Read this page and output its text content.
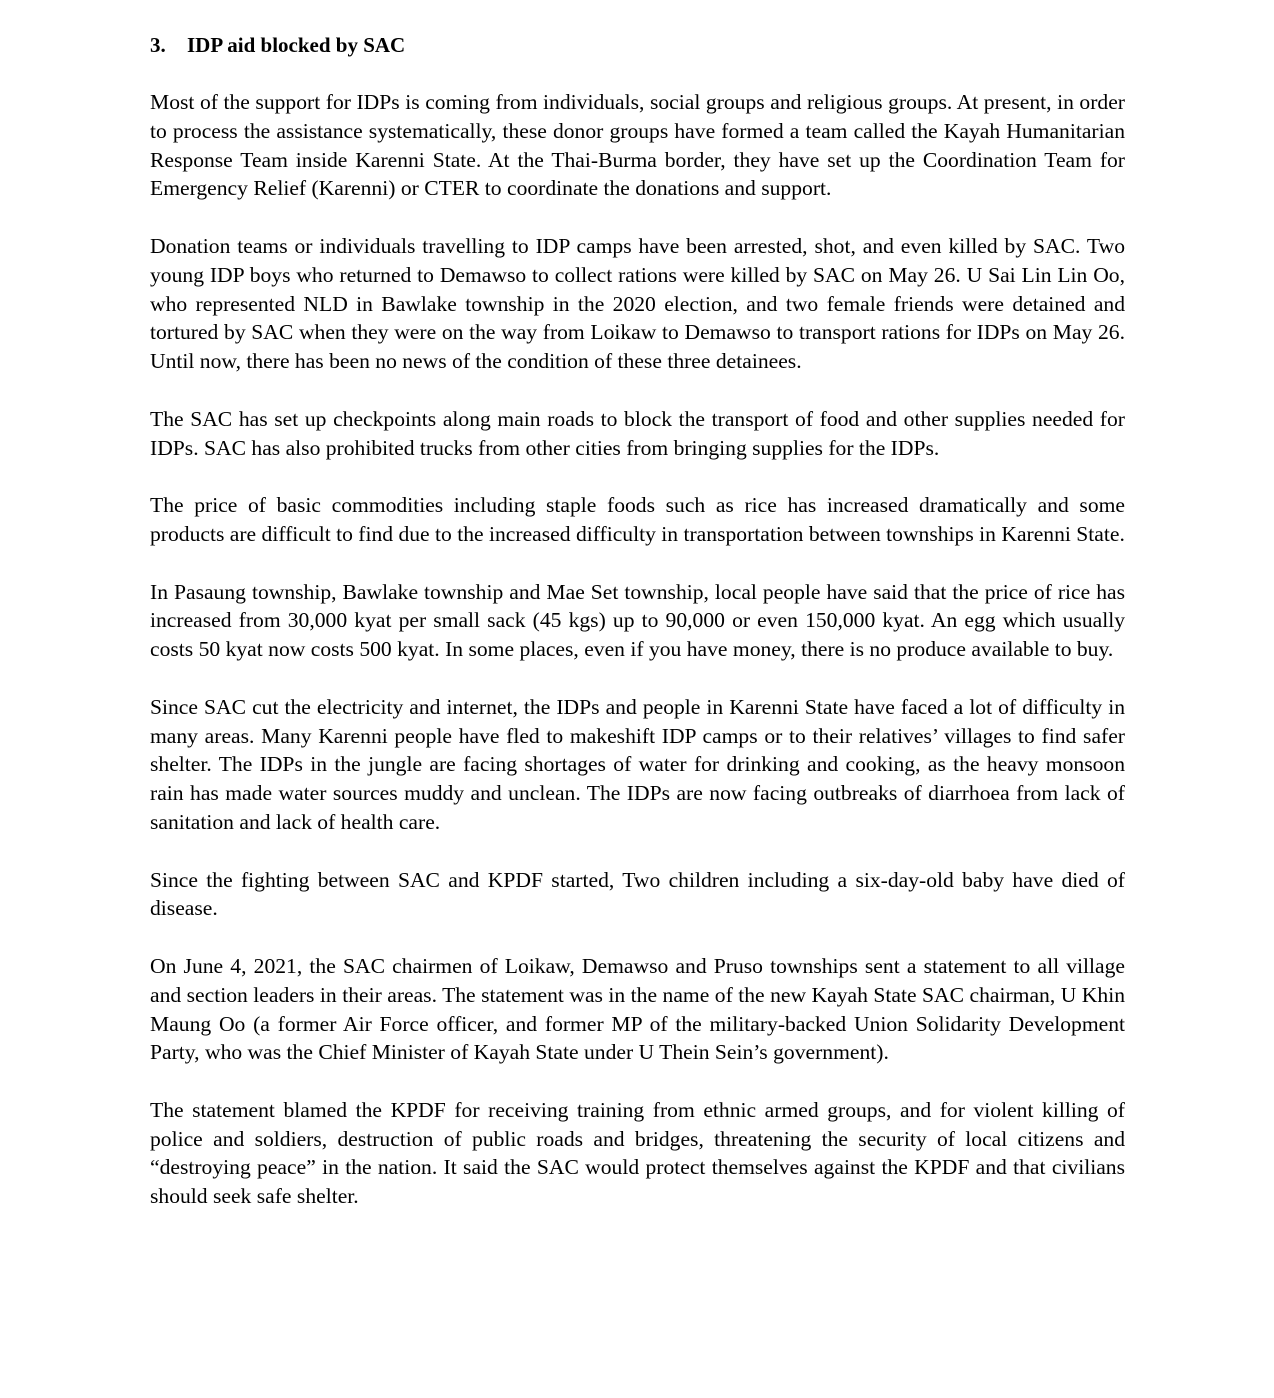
3. IDP aid blocked by SAC

Most of the support for IDPs is coming from individuals, social groups and religious groups. At present, in order to process the assistance systematically, these donor groups have formed a team called the Kayah Humanitarian Response Team inside Karenni State. At the Thai-Burma border, they have set up the Coordination Team for Emergency Relief (Karenni) or CTER to coordinate the donations and support.

Donation teams or individuals travelling to IDP camps have been arrested, shot, and even killed by SAC. Two young IDP boys who returned to Demawso to collect rations were killed by SAC on May 26. U Sai Lin Lin Oo, who represented NLD in Bawlake township in the 2020 election, and two female friends were detained and tortured by SAC when they were on the way from Loikaw to Demawso to transport rations for IDPs on May 26. Until now, there has been no news of the condition of these three detainees.

The SAC has set up checkpoints along main roads to block the transport of food and other supplies needed for IDPs. SAC has also prohibited trucks from other cities from bringing supplies for the IDPs.

The price of basic commodities including staple foods such as rice has increased dramatically and some products are difficult to find due to the increased difficulty in transportation between townships in Karenni State.

In Pasaung township, Bawlake township and Mae Set township, local people have said that the price of rice has increased from 30,000 kyat per small sack (45 kgs) up to 90,000 or even 150,000 kyat. An egg which usually costs 50 kyat now costs 500 kyat. In some places, even if you have money, there is no produce available to buy.

Since SAC cut the electricity and internet, the IDPs and people in Karenni State have faced a lot of difficulty in many areas. Many Karenni people have fled to makeshift IDP camps or to their relatives’ villages to find safer shelter. The IDPs in the jungle are facing shortages of water for drinking and cooking, as the heavy monsoon rain has made water sources muddy and unclean. The IDPs are now facing outbreaks of diarrhoea from lack of sanitation and lack of health care.

Since the fighting between SAC and KPDF started, Two children including a six-day-old baby have died of disease.

On June 4, 2021, the SAC chairmen of Loikaw, Demawso and Pruso townships sent a statement to all village and section leaders in their areas. The statement was in the name of the new Kayah State SAC chairman, U Khin Maung Oo (a former Air Force officer, and former MP of the military-backed Union Solidarity Development Party, who was the Chief Minister of Kayah State under U Thein Sein’s government).

The statement blamed the KPDF for receiving training from ethnic armed groups, and for violent killing of police and soldiers, destruction of public roads and bridges, threatening the security of local citizens and “destroying peace” in the nation. It said the SAC would protect themselves against the KPDF and that civilians should seek safe shelter.
